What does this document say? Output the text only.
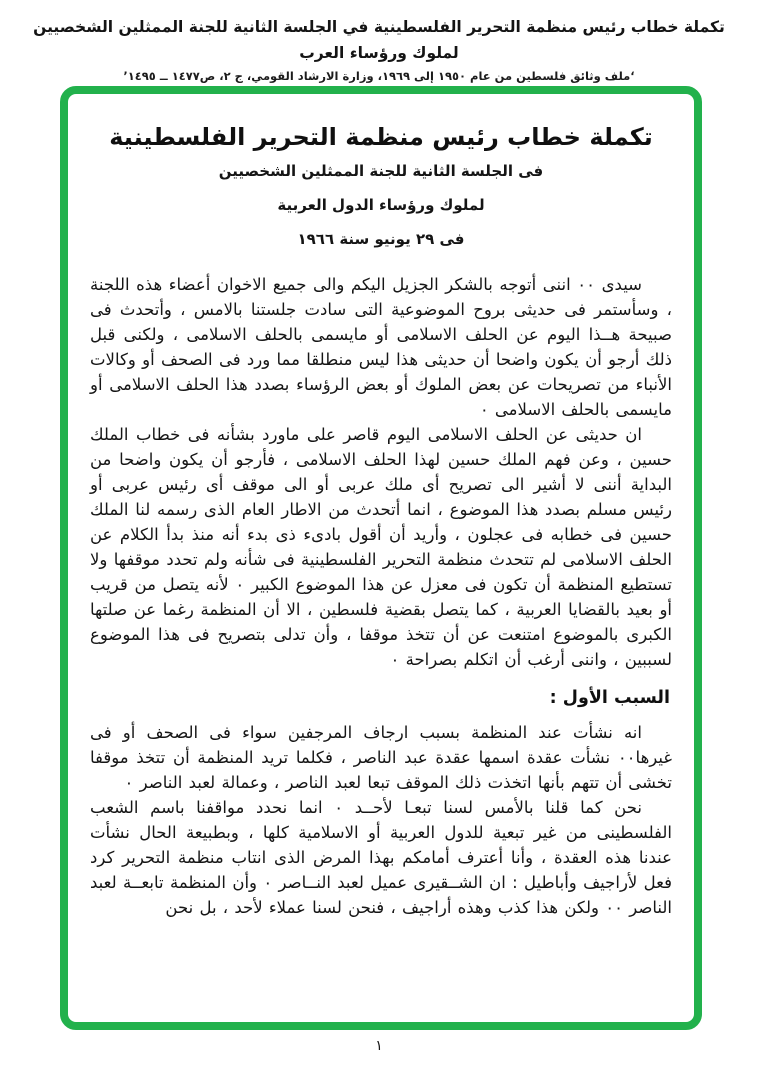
تكملة خطاب رئيس منظمة التحرير الفلسطينية في الجلسة الثانية للجنة الممثلين الشخصيين لملوك ورؤساء العرب
‘ملف وثائق فلسطين من عام ١٩٥٠ إلى ١٩٦٩، وزارة الارشاد القومي، ج ٢، ص١٤٧٧ ــ ١٤٩٥’
تكملة خطاب رئيس منظمة التحرير الفلسطينية
فى الجلسة الثانية للجنة الممثلين الشخصيين
لملوك ورؤساء الدول العربية
فى ٢٩ يونيو سنة ١٩٦٦

سيدى ٠٠ اننى أتوجه بالشكر الجزيل اليكم والى جميع الاخوان أعضاء هذه اللجنة ، وسأستمر فى حديثى بروح الموضوعية التى سادت جلستنا بالامس ، وأتحدث فى صبيحة هــذا اليوم عن الحلف الاسلامى أو مايسمى بالحلف الاسلامى ، ولكنى قبل ذلك أرجو أن يكون واضحا أن حديثى هذا ليس منطلقا مما ورد فى الصحف أو وكالات الأنباء من تصريحات عن بعض الملوك أو بعض الرؤساء بصدد هذا الحلف الاسلامى أو مايسمى بالحلف الاسلامى ٠

ان حديثى عن الحلف الاسلامى اليوم قاصر على ماورد بشأنه فى خطاب الملك حسين ، وعن فهم الملك حسين لهذا الحلف الاسلامى ، فأرجو أن يكون واضحا من البداية أننى لا أشير الى تصريح أى ملك عربى أو الى موقف أى رئيس عربى أو رئيس مسلم بصدد هذا الموضوع ، انما أتحدث من الاطار العام الذى رسمه لنا الملك حسين فى خطابه فى عجلون ، وأريد أن أقول بادىء ذى بدء أنه منذ بدأ الكلام عن الحلف الاسلامى لم تتحدث منظمة التحرير الفلسطينية فى شأنه ولم تحدد موقفها ولا تستطيع المنظمة أن تكون فى معزل عن هذا الموضوع الكبير ٠ لأنه يتصل من قريب أو بعيد بالقضايا العربية ، كما يتصل بقضية فلسطين ، الا أن المنظمة رغما عن صلتها الكبرى بالموضوع امتنعت عن أن تتخذ موقفا ، وأن تدلى بتصريح فى هذا الموضوع لسببين ، واننى أرغب أن اتكلم بصراحة ٠

السبب الأول :

انه نشأت عند المنظمة بسبب ارجاف المرجفين سواء فى الصحف أو فى غيرها٠٠ نشأت عقدة اسمها عقدة عبد الناصر ، فكلما تريد المنظمة أن تتخذ موقفا تخشى أن تتهم بأنها اتخذت ذلك الموقف تبعا لعبد الناصر ، وعمالة لعبد الناصر ٠

نحن كما قلنا بالأمس لسنا تبعـا لأحــد ٠ انما نحدد مواقفنا باسم الشعب الفلسطينى من غير تبعية للدول العربية أو الاسلامية كلها ، وبطبيعة الحال نشأت عندنا هذه العقدة ، وأنا أعترف أمامكم بهذا المرض الذى انتاب منظمة التحرير كرد فعل لأراجيف وأباطيل : ان الشــقيرى عميل لعبد النــاصر ٠ وأن المنظمة تابعــة لعبد الناصر ٠٠ ولكن هذا كذب وهذه أراجيف ، فنحن لسنا عملاء لأحد ، بل نحن

١
